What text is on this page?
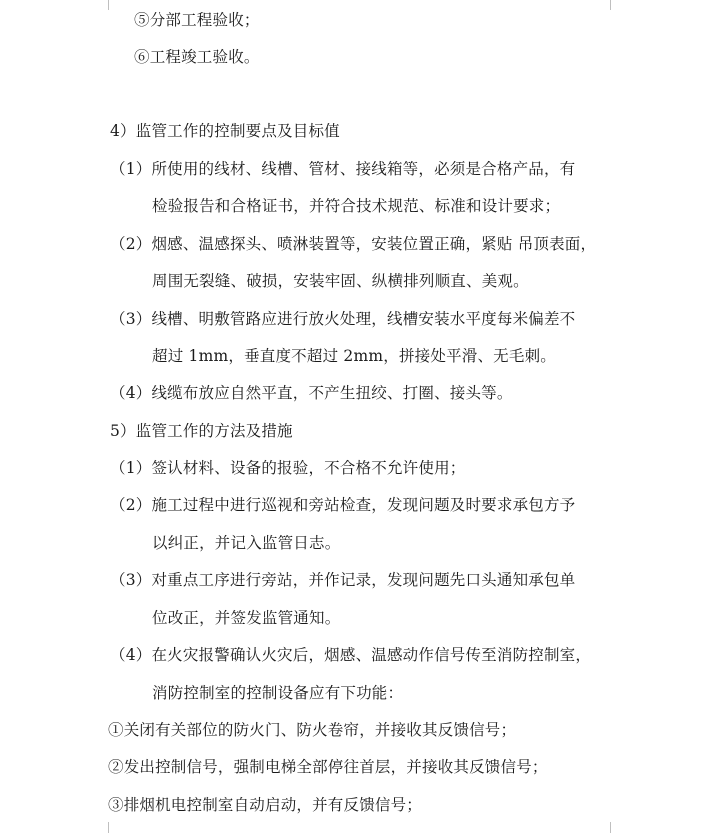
⑤分部工程验收；
⑥工程竣工验收。
4）监管工作的控制要点及目标值
（1）所使用的线材、线槽、管材、接线箱等，必须是合格产品，有
检验报告和合格证书，并符合技术规范、标准和设计要求；
（2）烟感、温感探头、喷淋装置等，安装位置正确，紧贴 吊顶表面，
周围无裂缝、破损，安装牢固、纵横排列顺直、美观。
（3）线槽、明敷管路应进行放火处理，线槽安装水平度每米偏差不
超过 1mm，垂直度不超过 2mm，拼接处平滑、无毛刺。
（4）线缆布放应自然平直，不产生扭绞、打圈、接头等。
5）监管工作的方法及措施
（1）签认材料、设备的报验，不合格不允许使用；
（2）施工过程中进行巡视和旁站检查，发现问题及时要求承包方予
以纠正，并记入监管日志。
（3）对重点工序进行旁站，并作记录，发现问题先口头通知承包单
位改正，并签发监管通知。
（4）在火灾报警确认火灾后，烟感、温感动作信号传至消防控制室，
消防控制室的控制设备应有下功能：
①关闭有关部位的防火门、防火卷帘，并接收其反馈信号；
②发出控制信号，强制电梯全部停往首层，并接收其反馈信号；
③排烟机电控制室自动启动，并有反馈信号；
